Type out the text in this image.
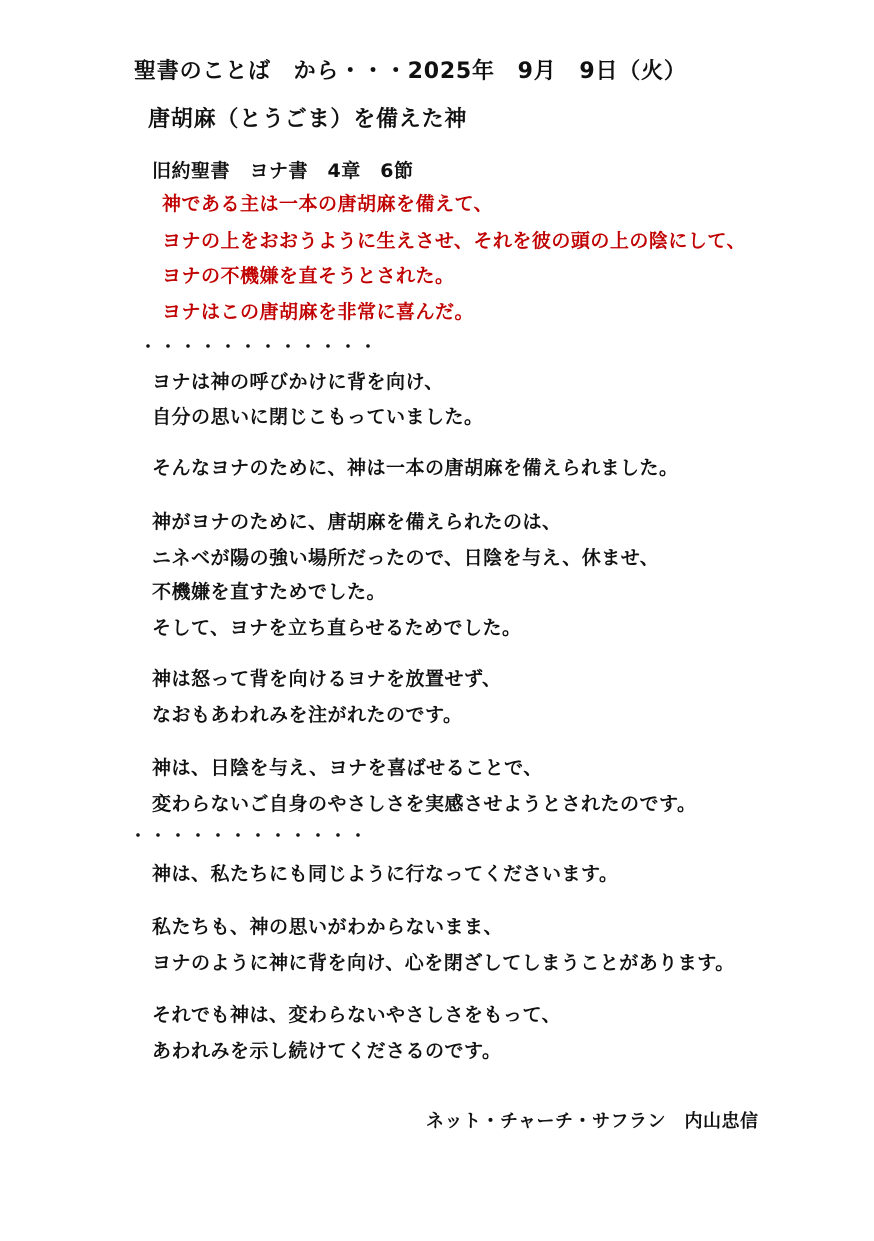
聖書のことば　から・・・2025年　9月　9日（火）
唐胡麻（とうごま）を備えた神
旧約聖書　ヨナ書　4章　6節
神である主は一本の唐胡麻を備えて、
ヨナの上をおおうように生えさせ、それを彼の頭の上の陰にして、
ヨナの不機嫌を直そうとされた。
ヨナはこの唐胡麻を非常に喜んだ。
・・・・・・・・・・・・
ヨナは神の呼びかけに背を向け、
自分の思いに閉じこもっていました。
そんなヨナのために、神は一本の唐胡麻を備えられました。
神がヨナのために、唐胡麻を備えられたのは、
ニネベが陽の強い場所だったので、日陰を与え、休ませ、
不機嫌を直すためでした。
そして、ヨナを立ち直らせるためでした。
神は怒って背を向けるヨナを放置せず、
なおもあわれみを注がれたのです。
神は、日陰を与え、ヨナを喜ばせることで、
変わらないご自身のやさしさを実感させようとされたのです。
・・・・・・・・・・・・
神は、私たちにも同じように行なってくださいます。
私たちも、神の思いがわからないまま、
ヨナのように神に背を向け、心を閉ざしてしまうことがあります。
それでも神は、変わらないやさしさをもって、
あわれみを示し続けてくださるのです。
ネット・チャーチ・サフラン　内山忠信
